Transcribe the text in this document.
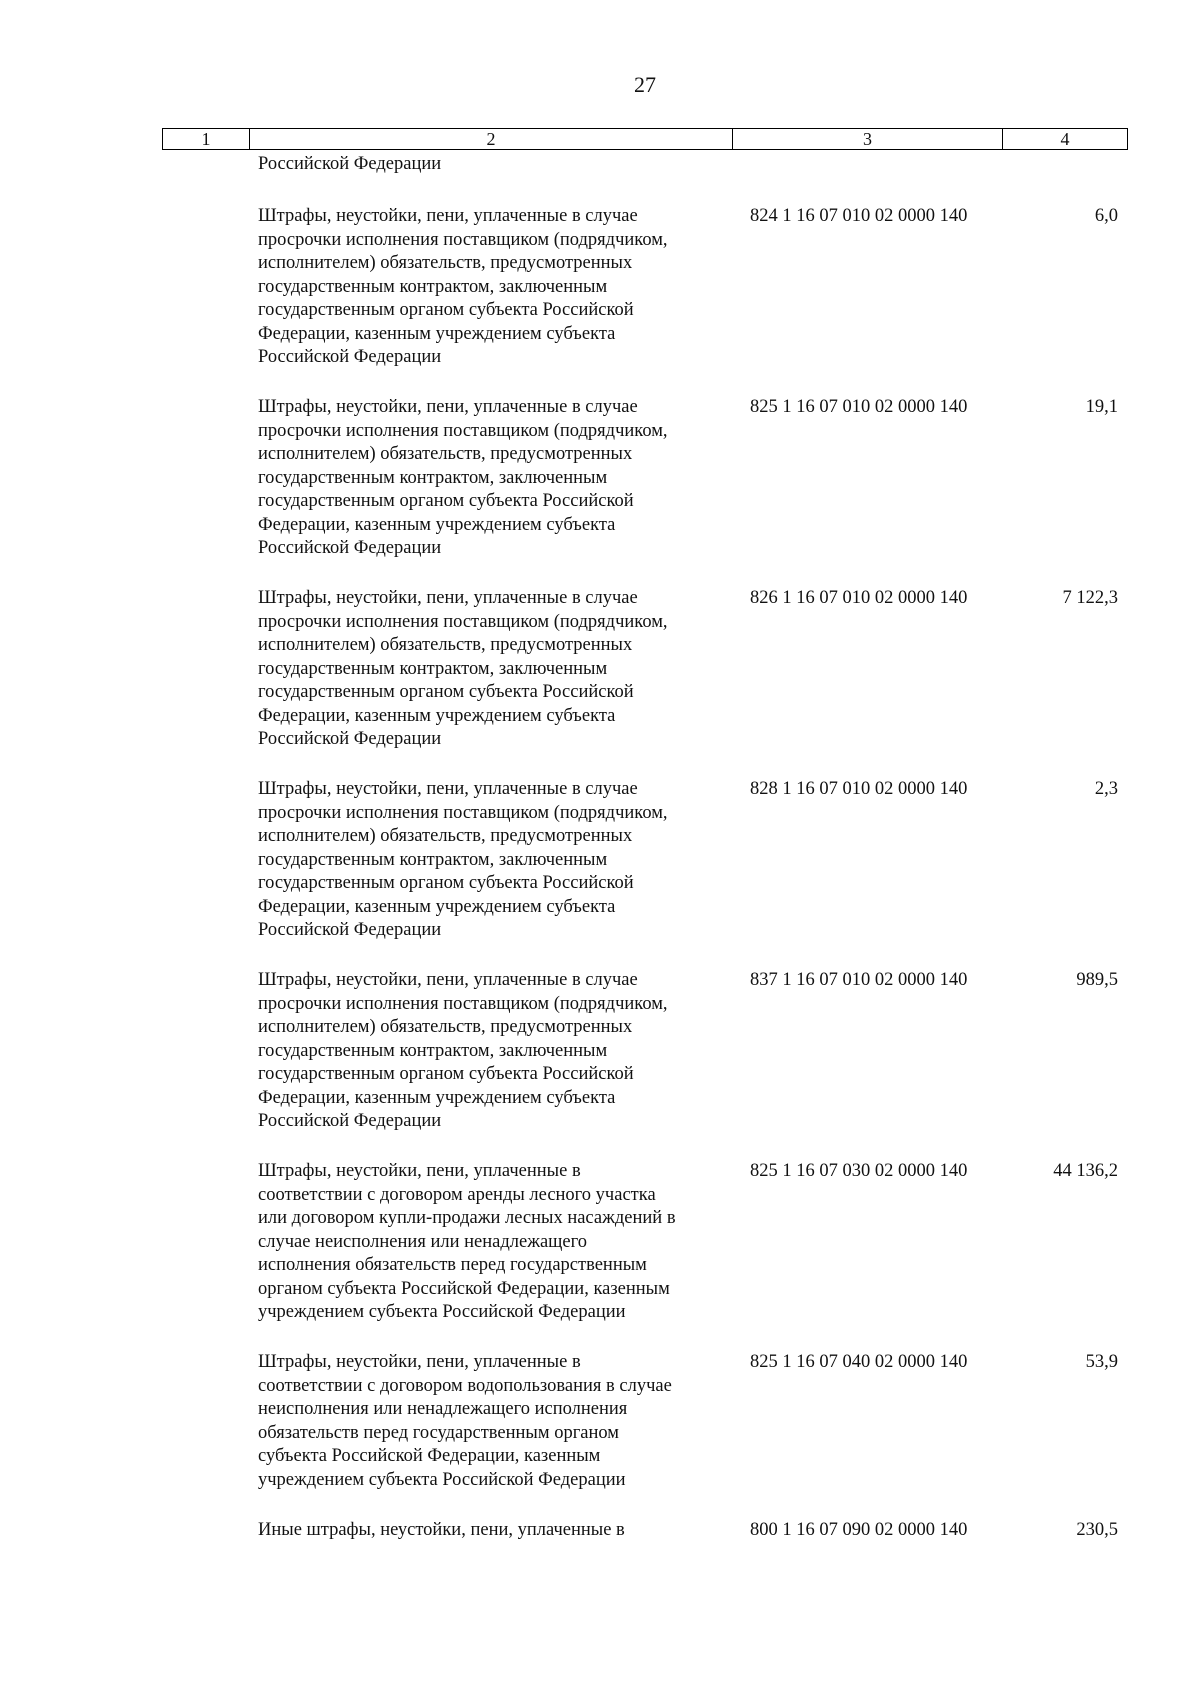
27
1	2	3	4
Российской Федерации
Штрафы, неустойки, пени, уплаченные в случае
просрочки исполнения поставщиком (подрядчиком,
исполнителем) обязательств, предусмотренных
государственным контрактом, заключенным
государственным органом субъекта Российской
Федерации, казенным учреждением субъекта
Российской Федерации
824 1 16 07 010 02 0000 140	6,0
Штрафы, неустойки, пени, уплаченные в случае
просрочки исполнения поставщиком (подрядчиком,
исполнителем) обязательств, предусмотренных
государственным контрактом, заключенным
государственным органом субъекта Российской
Федерации, казенным учреждением субъекта
Российской Федерации
825 1 16 07 010 02 0000 140	19,1
Штрафы, неустойки, пени, уплаченные в случае
просрочки исполнения поставщиком (подрядчиком,
исполнителем) обязательств, предусмотренных
государственным контрактом, заключенным
государственным органом субъекта Российской
Федерации, казенным учреждением субъекта
Российской Федерации
826 1 16 07 010 02 0000 140	7 122,3
Штрафы, неустойки, пени, уплаченные в случае
просрочки исполнения поставщиком (подрядчиком,
исполнителем) обязательств, предусмотренных
государственным контрактом, заключенным
государственным органом субъекта Российской
Федерации, казенным учреждением субъекта
Российской Федерации
828 1 16 07 010 02 0000 140	2,3
Штрафы, неустойки, пени, уплаченные в случае
просрочки исполнения поставщиком (подрядчиком,
исполнителем) обязательств, предусмотренных
государственным контрактом, заключенным
государственным органом субъекта Российской
Федерации, казенным учреждением субъекта
Российской Федерации
837 1 16 07 010 02 0000 140	989,5
Штрафы, неустойки, пени, уплаченные в
соответствии с договором аренды лесного участка
или договором купли-продажи лесных насаждений в
случае неисполнения или ненадлежащего
исполнения обязательств перед государственным
органом субъекта Российской Федерации, казенным
учреждением субъекта Российской Федерации
825 1 16 07 030 02 0000 140	44 136,2
Штрафы, неустойки, пени, уплаченные в
соответствии с договором водопользования в случае
неисполнения или ненадлежащего исполнения
обязательств перед государственным органом
субъекта Российской Федерации, казенным
учреждением субъекта Российской Федерации
825 1 16 07 040 02 0000 140	53,9
Иные штрафы, неустойки, пени, уплаченные в	800 1 16 07 090 02 0000 140	230,5
